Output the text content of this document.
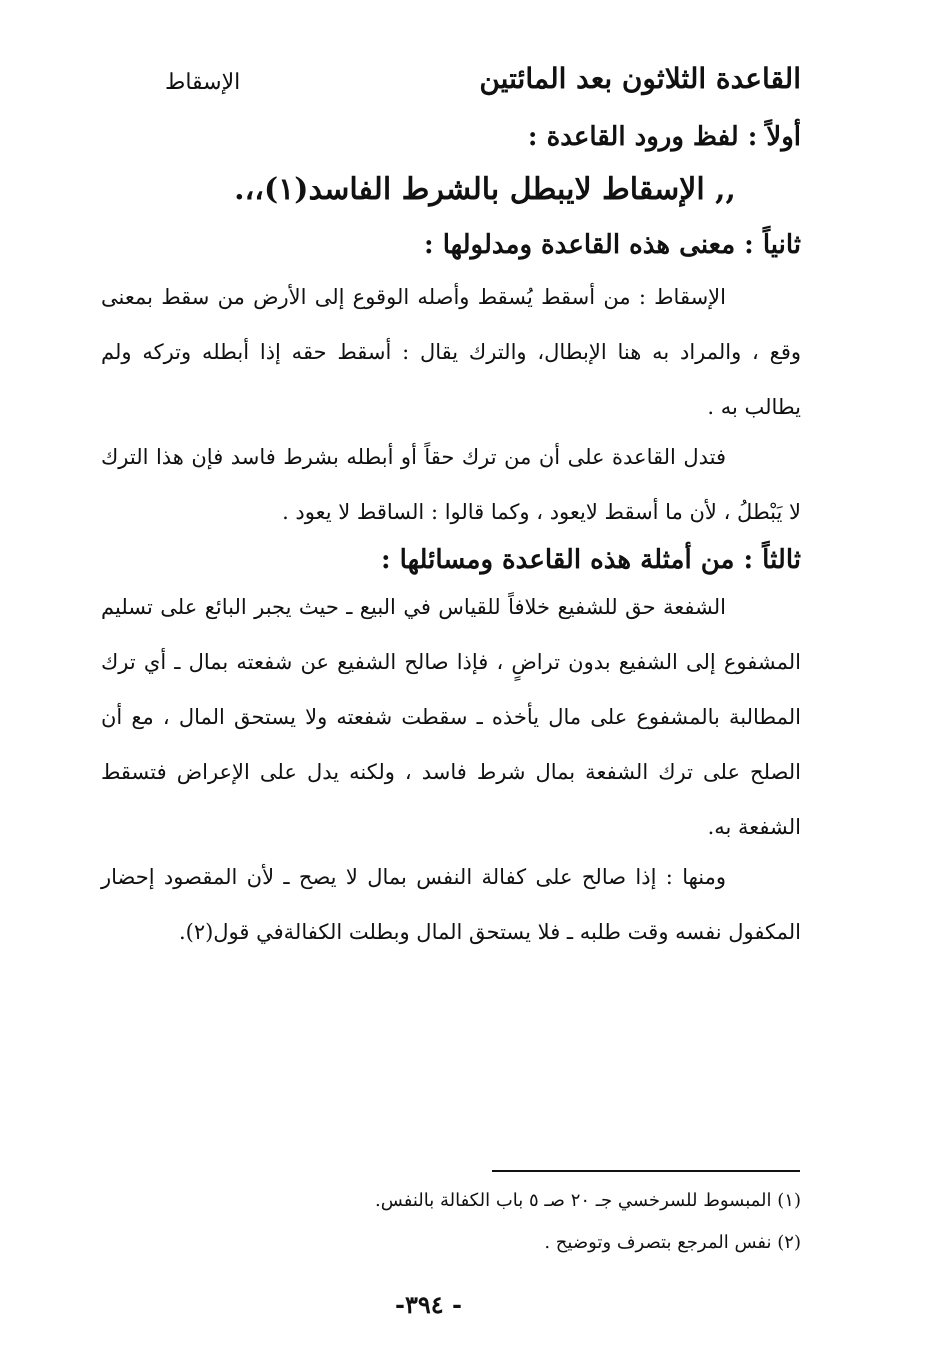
القاعدة الثلاثون بعد المائتين
الإسقاط
أولاً : لفظ ورود القاعدة :
,, الإسقاط لايبطل بالشرط الفاسد(١)،،.
ثانياً : معنى هذه القاعدة ومدلولها :
الإسقاط : من أسقط يُسقط وأصله الوقوع إلى الأرض من سقط بمعنى وقع ، والمراد به هنا الإبطال، والترك يقال : أسقط حقه إذا أبطله وتركه ولم يطالب به .
فتدل القاعدة على أن من ترك حقاً أو أبطله بشرط فاسد فإن هذا الترك لا يَبْطلُ ، لأن ما أسقط لايعود ، وكما قالوا : الساقط لا يعود .
ثالثاً : من أمثلة هذه القاعدة ومسائلها :
الشفعة حق للشفيع خلافاً للقياس في البيع ـ حيث يجبر البائع على تسليم المشفوع إلى الشفيع بدون تراضٍ ، فإذا صالح الشفيع عن شفعته بمال ـ أي ترك المطالبة بالمشفوع على مال يأخذه ـ سقطت شفعته ولا يستحق المال ، مع أن الصلح على ترك الشفعة بمال شرط فاسد ، ولكنه يدل على الإعراض فتسقط الشفعة به.
ومنها : إذا صالح على كفالة النفس بمال لا يصح ـ لأن المقصود إحضار المكفول نفسه وقت طلبه ـ فلا يستحق المال وبطلت الكفالةفي قول(٢).
(١) المبسوط للسرخسي جـ ٢٠ صـ ٥ باب الكفالة بالنفس.
(٢) نفس المرجع بتصرف وتوضيح .
- ٣٩٤-
